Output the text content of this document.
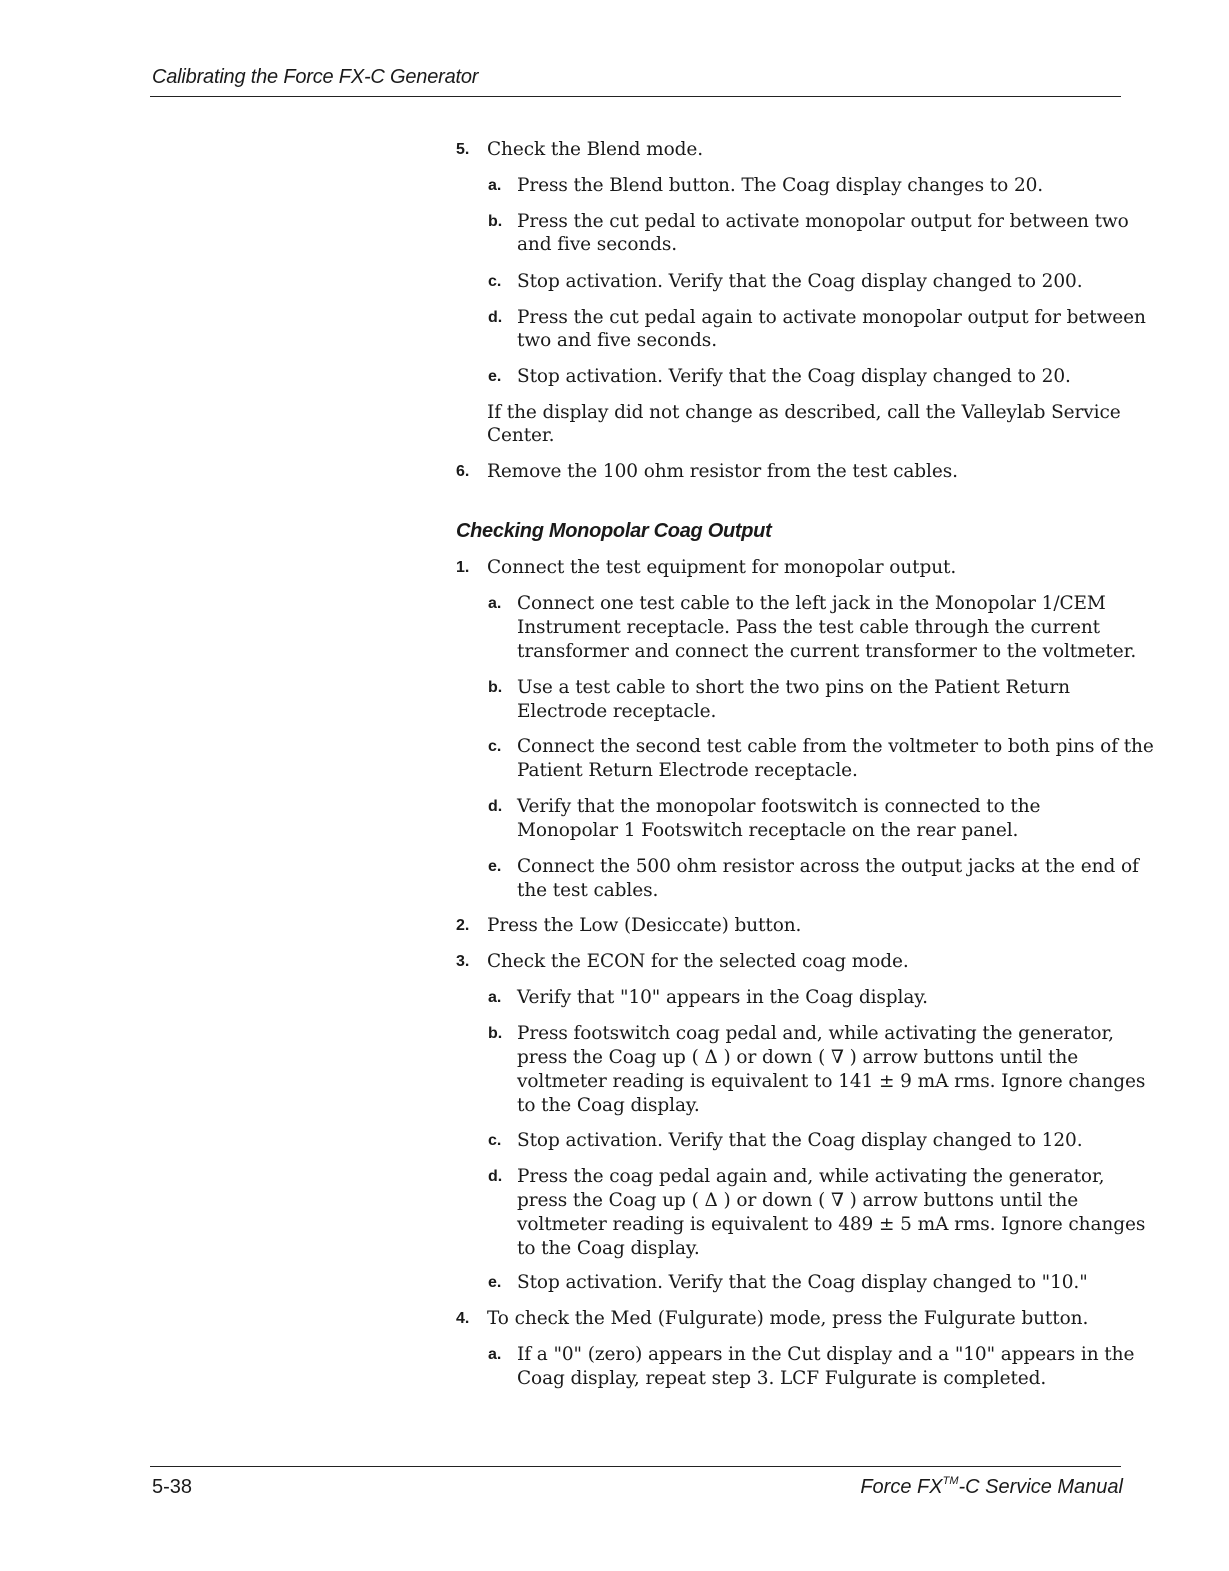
Calibrating the Force FX-C Generator
5. Check the Blend mode.
a. Press the Blend button. The Coag display changes to 20.
b. Press the cut pedal to activate monopolar output for between two
and five seconds.
c. Stop activation. Verify that the Coag display changed to 200.
d. Press the cut pedal again to activate monopolar output for between
two and five seconds.
e. Stop activation. Verify that the Coag display changed to 20.
If the display did not change as described, call the Valleylab Service
Center.
6. Remove the 100 ohm resistor from the test cables.
Checking Monopolar Coag Output
1. Connect the test equipment for monopolar output.
a. Connect one test cable to the left jack in the Monopolar 1/CEM
Instrument receptacle. Pass the test cable through the current
transformer and connect the current transformer to the voltmeter.
b. Use a test cable to short the two pins on the Patient Return
Electrode receptacle.
c. Connect the second test cable from the voltmeter to both pins of the
Patient Return Electrode receptacle.
d. Verify that the monopolar footswitch is connected to the
Monopolar 1 Footswitch receptacle on the rear panel.
e. Connect the 500 ohm resistor across the output jacks at the end of
the test cables.
2. Press the Low (Desiccate) button.
3. Check the ECON for the selected coag mode.
a. Verify that "10" appears in the Coag display.
b. Press footswitch coag pedal and, while activating the generator,
press the Coag up ( Δ ) or down ( ∇ ) arrow buttons until the
voltmeter reading is equivalent to 141 ± 9 mA rms. Ignore changes
to the Coag display.
c. Stop activation. Verify that the Coag display changed to 120.
d. Press the coag pedal again and, while activating the generator,
press the Coag up ( Δ ) or down ( ∇ ) arrow buttons until the
voltmeter reading is equivalent to 489 ± 5 mA rms. Ignore changes
to the Coag display.
e. Stop activation. Verify that the Coag display changed to "10."
4. To check the Med (Fulgurate) mode, press the Fulgurate button.
a. If a "0" (zero) appears in the Cut display and a "10" appears in the
Coag display, repeat step 3. LCF Fulgurate is completed.
5-38	Force FX™-C Service Manual
